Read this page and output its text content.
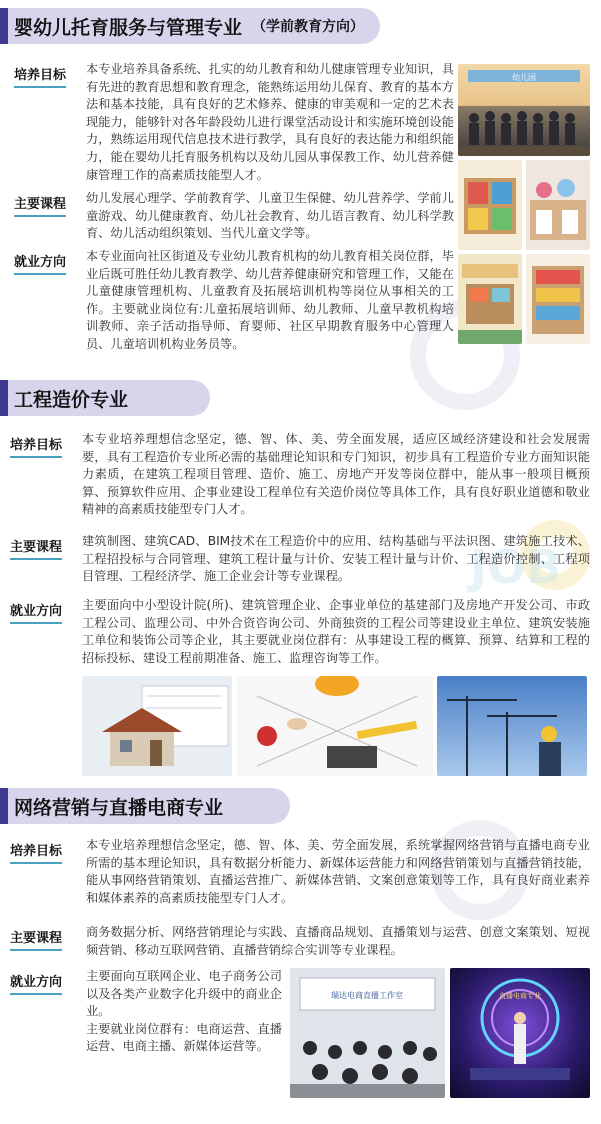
JOB
婴幼儿托育服务与管理专业 （学前教育方向）
培养目标 本专业培养具备系统、扎实的幼儿教育和幼儿健康管理专业知识，具有先进的教育思想和教育理念，能熟练运用幼儿保育、教育的基本方法和基本技能，具有良好的艺术修养、健康的审美观和一定的艺术表现能力，能够针对各年龄段幼儿进行课堂活动设计和实施环境创设能力，熟练运用现代信息技术进行教学，具有良好的表达能力和组织能力，能在婴幼儿托育服务机构以及幼儿园从事保教工作、幼儿营养健康管理工作的高素质技能型人才。
主要课程 幼儿发展心理学、学前教育学、儿童卫生保健、幼儿营养学、学前儿童游戏、幼儿健康教育、幼儿社会教育、幼儿语言教育、幼儿科学教育、幼儿活动组织策划、当代儿童文学等。
就业方向 本专业面向社区街道及专业幼儿教育机构的幼儿教育相关岗位群，毕业后既可胜任幼儿教育教学、幼儿营养健康研究和管理工作，又能在儿童健康管理机构、儿童教育及拓展培训机构等岗位从事相关的工作。主要就业岗位有:儿童拓展培训师、幼儿教师、儿童早教机构培训教师、亲子活动指导师、育婴师、社区早期教育服务中心管理人员、儿童培训机构业务员等。
幼儿园
工程造价专业
培养目标 本专业培养理想信念坚定，德、智、体、美、劳全面发展，适应区域经济建设和社会发展需要，具有工程造价专业所必需的基础理论知识和专门知识，初步具有工程造价专业方面知识能力素质，在建筑工程项目管理、造价、施工、房地产开发等岗位群中，能从事一般项目概预算、预算软件应用、企事业建设工程单位有关造价岗位等具体工作，具有良好职业道德和敬业精神的高素质技能型专门人才。
主要课程 建筑制图、建筑CAD、BIM技术在工程造价中的应用、结构基础与平法识图、建筑施工技术、工程招投标与合同管理、建筑工程计量与计价、安装工程计量与计价、工程造价控制、工程项目管理、工程经济学、施工企业会计等专业课程。
就业方向 主要面向中小型设计院(所)、建筑管理企业、企事业单位的基建部门及房地产开发公司、市政工程公司、监理公司、中外合资咨询公司、外商独资的工程公司等建设业主单位、建筑安装施工单位和装饰公司等企业，其主要就业岗位群有：从事建设工程的概算、预算、结算和工程的招标投标、建设工程前期准备、施工、监理咨询等工作。
网络营销与直播电商专业
培养目标 本专业培养理想信念坚定，德、智、体、美、劳全面发展，系统掌握网络营销与直播电商专业所需的基本理论知识，具有数据分析能力、新媒体运营能力和网络营销策划与直播营销技能，能从事网络营销策划、直播运营推广、新媒体营销、文案创意策划等工作，具有良好商业素养和媒体素养的高素质技能型专门人才。
主要课程 商务数据分析、网络营销理论与实践、直播商品规划、直播策划与运营、创意文案策划、短视频营销、移动互联网营销、直播营销综合实训等专业课程。
就业方向 主要面向互联网企业、电子商务公司以及各类产业数字化升级中的商业企业。
主要就业岗位群有：电商运营、直播运营、电商主播、新媒体运营等。
瑞达电商直播工作室	直播电商专业
